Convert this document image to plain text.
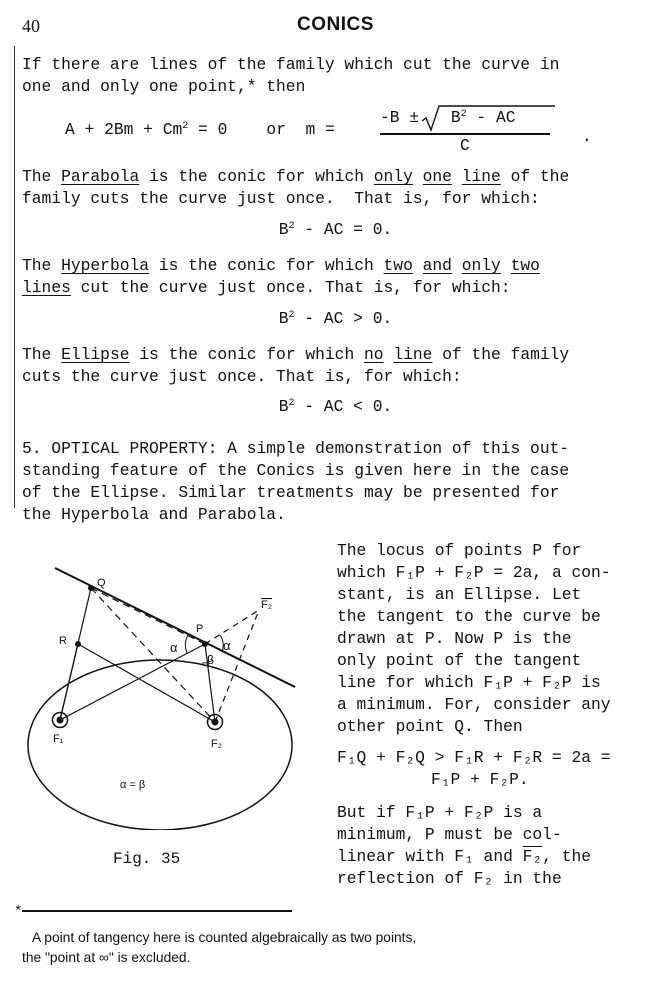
40	CONICS
If there are lines of the family which cut the curve in
one and only one point,* then
$A + 2Bm + Cm^2 = 0$    or  m =
$-B \pm B^2$ - AC
C	.
The Parabola is the conic for which only one line of the
family cuts the curve just once.  That is, for which:
$B^2$ - AC = 0.
The Hyperbola is the conic for which two and only two
lines cut the curve just once. That is, for which:
$B^2$ - AC > 0.
The Ellipse is the conic for which no line of the family
cuts the curve just once. That is, for which:
$B^2$ - AC < 0.
5. OPTICAL PROPERTY: A simple demonstration of this out-
standing feature of the Conics is given here in the case
of the Ellipse. Similar treatments may be presented for
the Hyperbola and Parabola.
The locus of points P for
which F₁P + F₂P = 2a, a con-
stant, is an Ellipse. Let
the tangent to the curve be
drawn at P. Now P is the
only point of the tangent
line for which F₁P + F₂P is
a minimum. For, consider any
other point Q. Then
F₁Q + F₂Q > F₁R + F₂R = 2a =
F₁P + F₂P.
But if F₁P + F₂P is a
minimum, P must be col-
linear with F₁ and F₂, the
reflection of F₂ in the
Q
R
P
F₁	F₂
F₂
α	α
β
α = β
Fig. 35
*
A point of tangency here is counted algebraically as two points,
the "point at ∞" is excluded.
